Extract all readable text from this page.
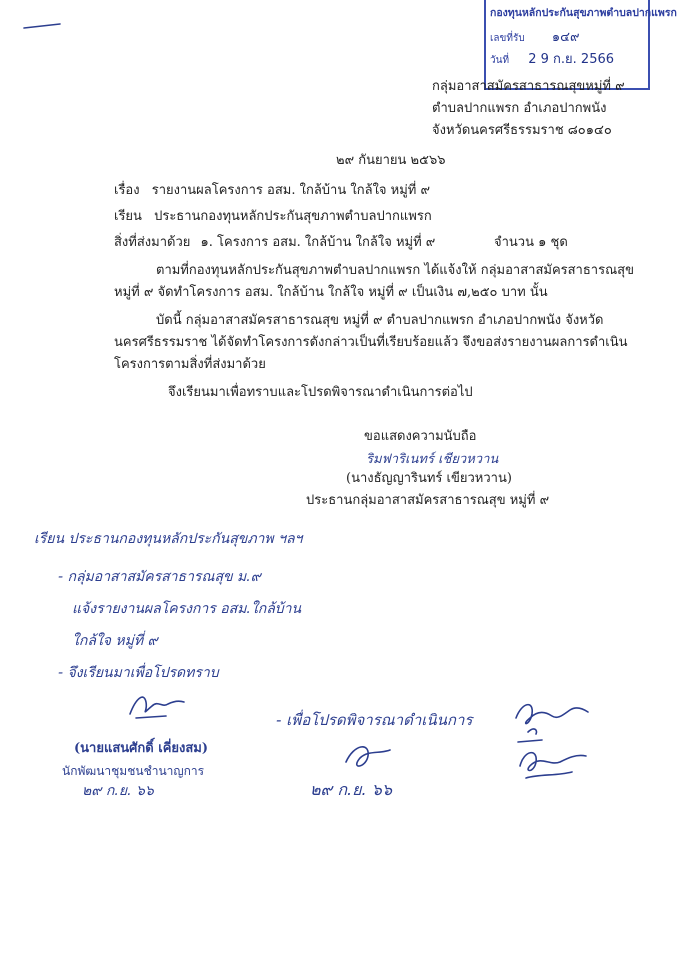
กองทุนหลักประกันสุขภาพตำบลปากแพรก
เลขที่รับ ๑๔๙
วันที่ 2 9 ก.ย. 2566
กลุ่มอาสาสมัครสาธารณสุขหมู่ที่ ๙
ตำบลปากแพรก อำเภอปากพนัง
จังหวัดนครศรีธรรมราช ๘๐๑๔๐
๒๙ กันยายน ๒๕๖๖
เรื่อง รายงานผลโครงการ อสม. ใกล้บ้าน ใกล้ใจ หมู่ที่ ๙
เรียน ประธานกองทุนหลักประกันสุขภาพตำบลปากแพรก
สิ่งที่ส่งมาด้วย ๑. โครงการ อสม. ใกล้บ้าน ใกล้ใจ หมู่ที่ ๙	จำนวน ๑ ชุด
ตามที่กองทุนหลักประกันสุขภาพตำบลปากแพรก ได้แจ้งให้ กลุ่มอาสาสมัครสาธารณสุข
หมู่ที่ ๙ จัดทำโครงการ อสม. ใกล้บ้าน ใกล้ใจ หมู่ที่ ๙ เป็นเงิน ๗,๒๕๐ บาท นั้น
บัดนี้ กลุ่มอาสาสมัครสาธารณสุข หมู่ที่ ๙ ตำบลปากแพรก อำเภอปากพนัง จังหวัด
นครศรีธรรมราช ได้จัดทำโครงการดังกล่าวเป็นที่เรียบร้อยแล้ว จึงขอส่งรายงานผลการดำเนิน
โครงการตามสิ่งที่ส่งมาด้วย
จึงเรียนมาเพื่อทราบและโปรดพิจารณาดำเนินการต่อไป
ขอแสดงความนับถือ
ริมฟาริเนทร์ เชียวหวาน
(นางธัญญารินทร์ เขียวหวาน)
ประธานกลุ่มอาสาสมัครสาธารณสุข หมู่ที่ ๙
เรียน ประธานกองทุนหลักประกันสุขภาพ ฯลฯ
- กลุ่มอาสาสมัครสาธารณสุข ม.๙
แจ้งรายงานผลโครงการ อสม.ใกล้บ้าน
ใกล้ใจ หมู่ที่ ๙
- จึงเรียนมาเพื่อโปรดทราบ
(นายแสนศักดิ์ เคี่ยงสม)
นักพัฒนาชุมชนชำนาญการ
๒๙ ก.ย. ๖๖
- เพื่อโปรดพิจารณาดำเนินการ
๒๙ ก.ย. ๖๖
